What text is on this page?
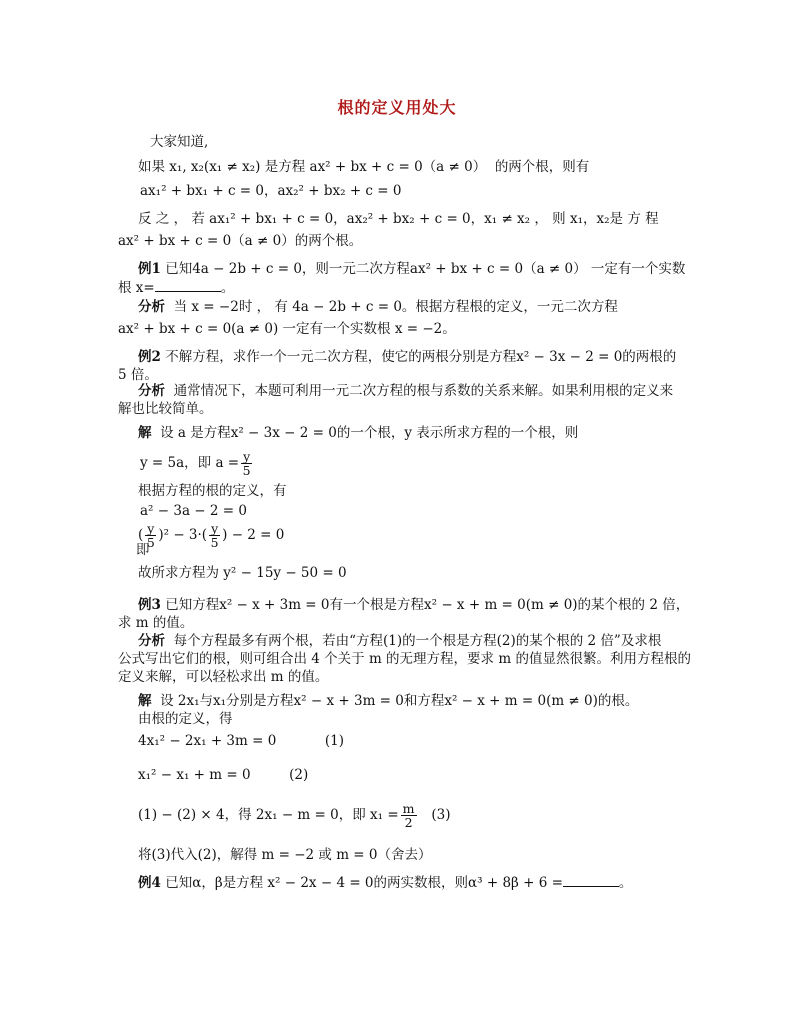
根的定义用处大
大家知道,
如果 x₁, x₂(x₁ ≠ x₂) 是方程 ax² + bx + c = 0（a ≠ 0） 的两个根，则有
ax₁² + bx₁ + c = 0，ax₂² + bx₂ + c = 0
反 之 ， 若 ax₁² + bx₁ + c = 0，ax₂² + bx₂ + c = 0，x₁ ≠ x₂ ， 则 x₁，x₂是 方 程
ax² + bx + c = 0（a ≠ 0）的两个根。
例1 已知4a − 2b + c = 0，则一元二次方程ax² + bx + c = 0（a ≠ 0） 一定有一个实数
根 x=	。
分析 当 x = −2时 ， 有 4a − 2b + c = 0。根据方程根的定义，一元二次方程
ax² + bx + c = 0(a ≠ 0) 一定有一个实数根 x = −2。
例2 不解方程，求作一个一元二次方程，使它的两根分别是方程x² − 3x − 2 = 0的两根的
5 倍。
分析 通常情况下，本题可利用一元二次方程的根与系数的关系来解。如果利用根的定义来
解也比较简单。
解 设 a 是方程x² − 3x − 2 = 0的一个根，y 表示所求方程的一个根，则
y = 5a，即 $a = \frac{y}{5}$
根据方程的根的定义，有
a² − 3a − 2 = 0
( $\frac{y}{5} )^2 - 3\cdot( \frac{y}{5}$ ) − 2 = 0
即
故所求方程为 y² − 15y − 50 = 0
例3 已知方程x² − x + 3m = 0有一个根是方程x² − x + m = 0(m ≠ 0)的某个根的 2 倍，
求 m 的值。
分析 每个方程最多有两个根，若由“方程(1)的一个根是方程(2)的某个根的 2 倍”及求根
公式写出它们的根，则可组合出 4 个关于 m 的无理方程，要求 m 的值显然很繁。利用方程根的
定义来解，可以轻松求出 m 的值。
解 设 2x₁与x₁分别是方程x² − x + 3m = 0和方程x² − x + m = 0(m ≠ 0)的根。
由根的定义，得
4x₁² − 2x₁ + 3m = 0	(1)
x₁² − x₁ + m = 0	(2)
(1) − (2) × 4，得 2x₁ − m = 0，即 $x_1 = \frac{m}{2} (3)$
将(3)代入(2)，解得 m = −2 或 m = 0（舍去）
例4 已知α，β是方程 x² − 2x − 4 = 0的两实数根，则α³ + 8β + 6 =	。
